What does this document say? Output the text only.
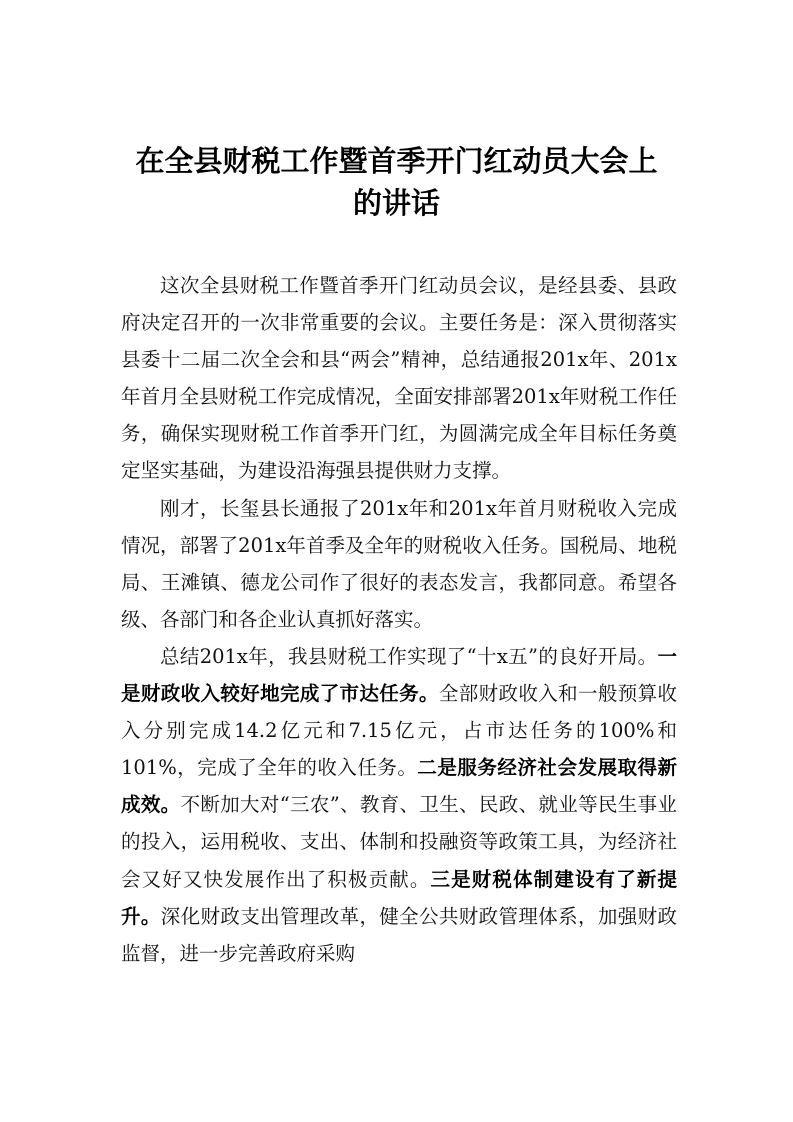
在全县财税工作暨首季开门红动员大会上
的讲话

这次全县财税工作暨首季开门红动员会议，是经县委、县政府决定召开的一次非常重要的会议。主要任务是：深入贯彻落实县委十二届二次全会和县“两会”精神，总结通报201x年、201x年首月全县财税工作完成情况，全面安排部署201x年财税工作任务，确保实现财税工作首季开门红，为圆满完成全年目标任务奠定坚实基础，为建设沿海强县提供财力支撑。

刚才，长玺县长通报了201x年和201x年首月财税收入完成情况，部署了201x年首季及全年的财税收入任务。国税局、地税局、王滩镇、德龙公司作了很好的表态发言，我都同意。希望各级、各部门和各企业认真抓好落实。

总结201x年，我县财税工作实现了“十x五”的良好开局。一是财政收入较好地完成了市达任务。全部财政收入和一般预算收入分别完成14.2亿元和7.15亿元，占市达任务的100%和101%，完成了全年的收入任务。二是服务经济社会发展取得新成效。不断加大对“三农”、教育、卫生、民政、就业等民生事业的投入，运用税收、支出、体制和投融资等政策工具，为经济社会又好又快发展作出了积极贡献。三是财税体制建设有了新提升。深化财政支出管理改革，健全公共财政管理体系，加强财政监督，进一步完善政府采购
